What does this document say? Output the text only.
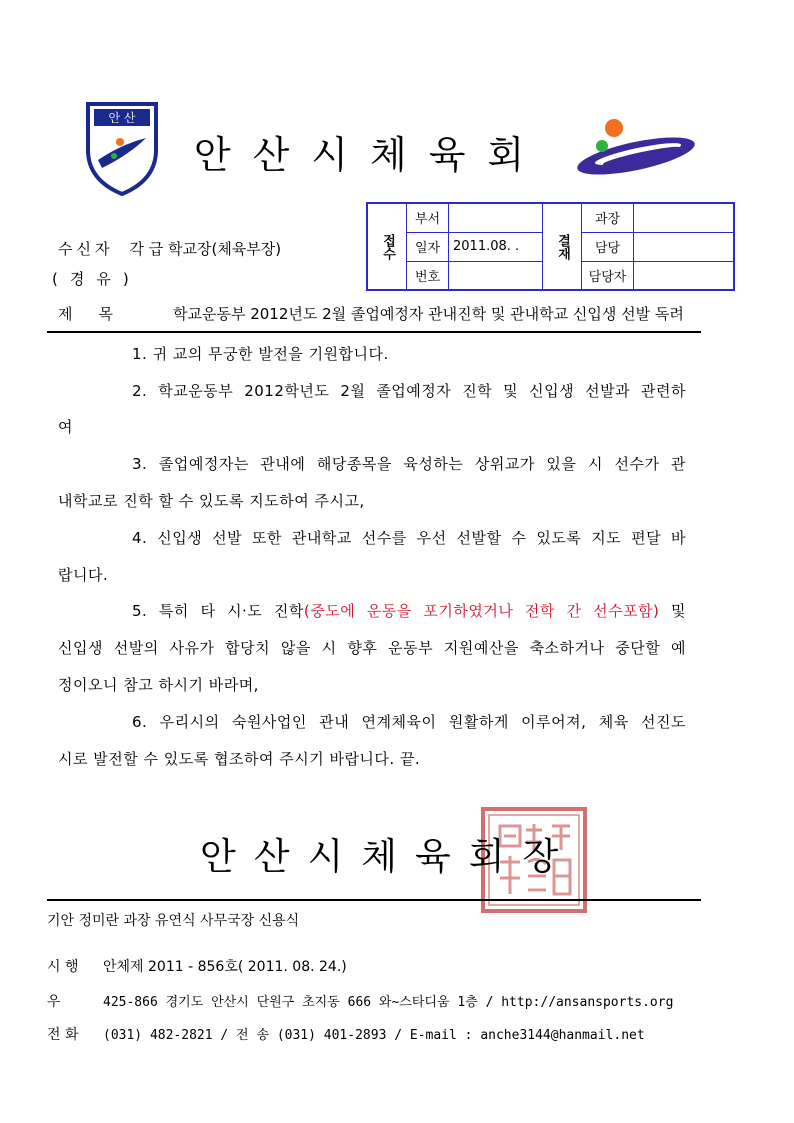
안 산
안산시체육회
수신자 각 급 학교장(체육부장)
(경유)
접수	부서		결재	과장	
	일자	2011.08. .		담당	
	번호			담당자	
제목 학교운동부 2012년도 2월 졸업예정자 관내진학 및 관내학교 신입생 선발 독려
1. 귀 교의 무궁한 발전을 기원합니다.
2. 학교운동부 2012학년도 2월 졸업예정자 진학 및 신입생 선발과 관련하
여
3. 졸업예정자는 관내에 해당종목을 육성하는 상위교가 있을 시 선수가 관
내학교로 진학 할 수 있도록 지도하여 주시고,
4. 신입생 선발 또한 관내학교 선수를 우선 선발할 수 있도록 지도 편달 바
랍니다.
5. 특히 타 시·도 진학(중도에 운동을 포기하였거나 전학 간 선수포함) 및
신입생 선발의 사유가 합당치 않을 시 향후 운동부 지원예산을 축소하거나 중단할 예
정이오니 참고 하시기 바라며,
6. 우리시의 숙원사업인 관내 연계체육이 원활하게 이루어져, 체육 선진도
시로 발전할 수 있도록 협조하여 주시기 바랍니다. 끝.
안산시체육회장
기안 정미란 과장 유연식 사무국장 신용식
시 행 안체제 2011 - 856호( 2011. 08. 24.)
우	425-866 경기도 안산시 단원구 초지동 666 와~스타디움 1층 / http://ansansports.org
전 화 (031) 482-2821 / 전 송 (031) 401-2893 / E-mail : anche3144@hanmail.net
